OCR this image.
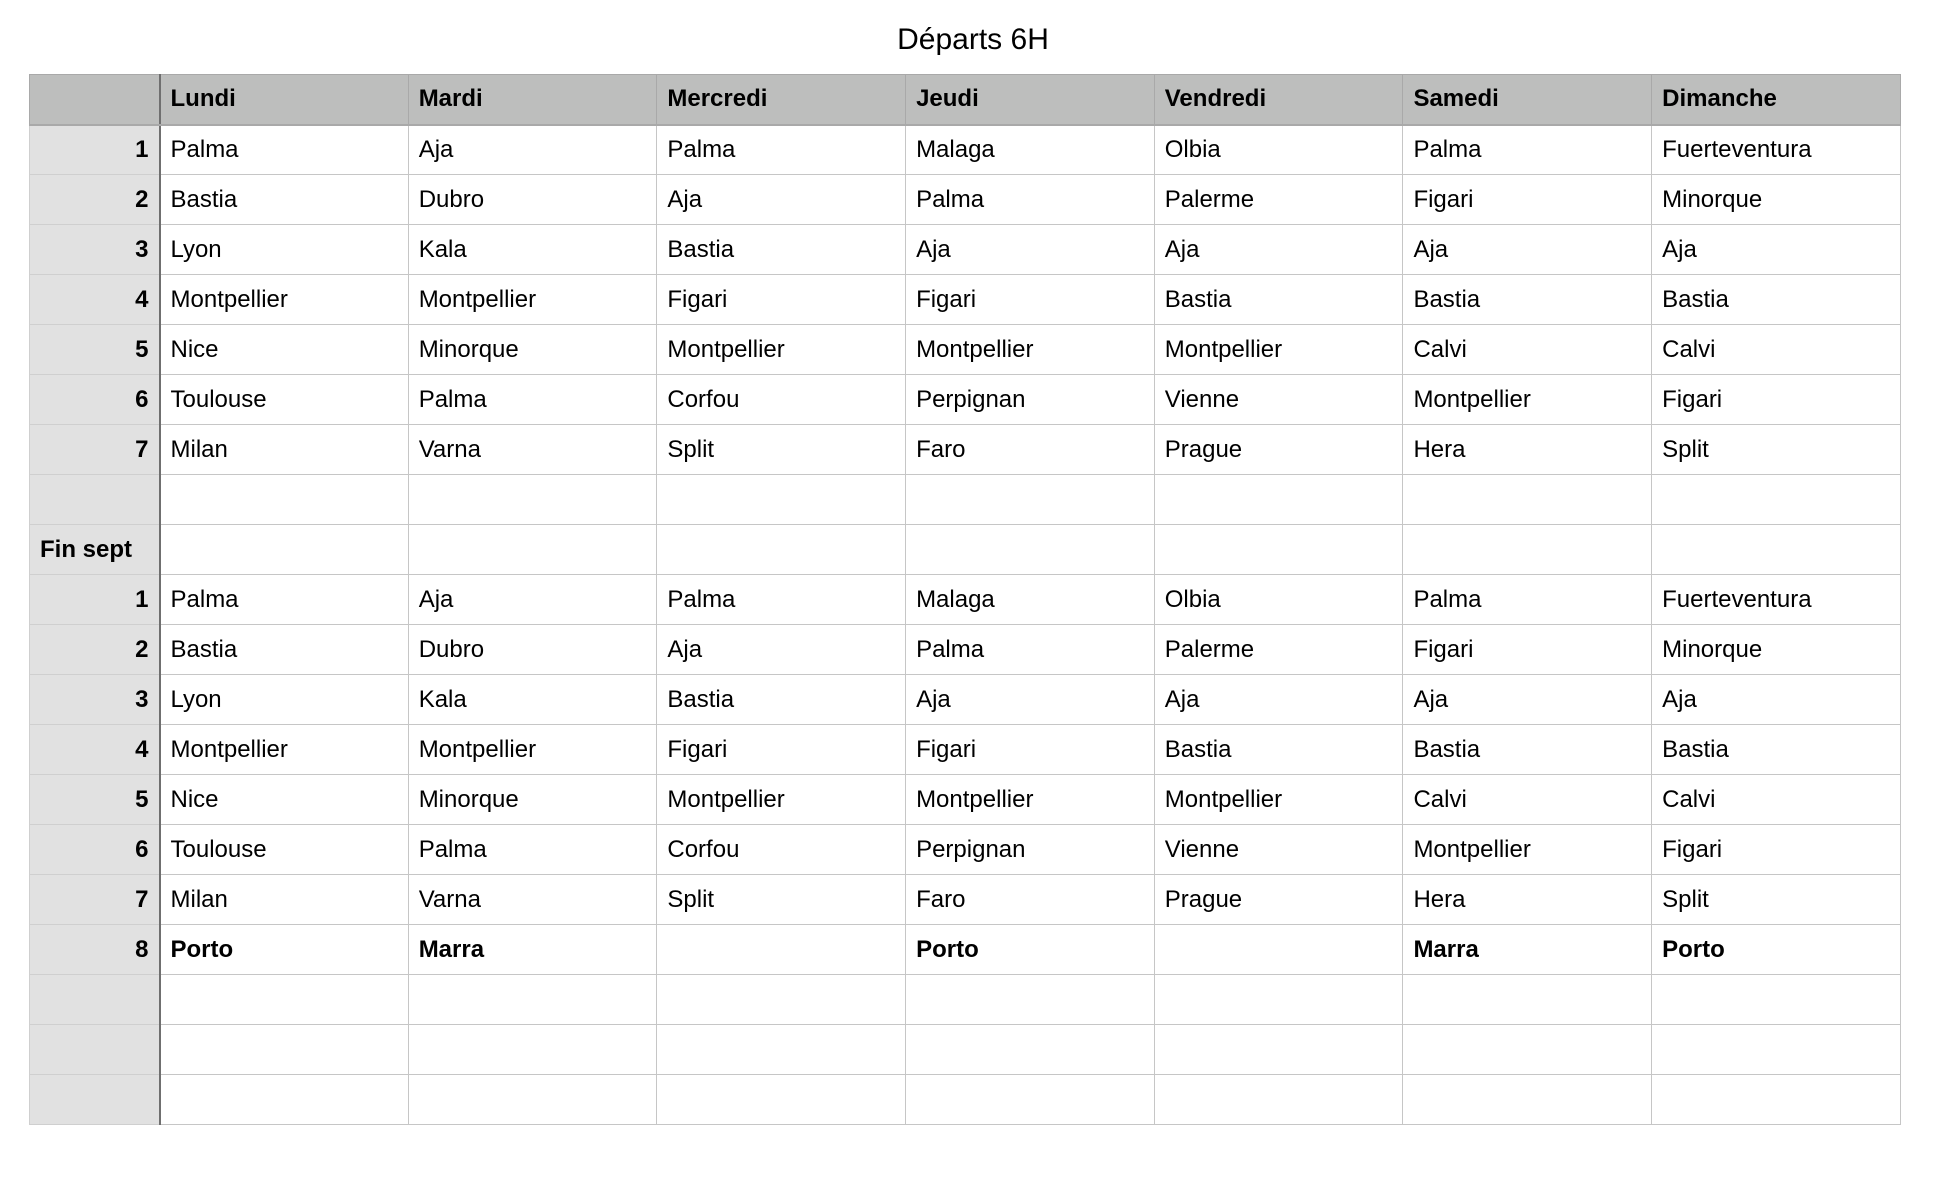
Départs 6H
	Lundi	Mardi	Mercredi	Jeudi	Vendredi	Samedi	Dimanche
1	Palma	Aja	Palma	Malaga	Olbia	Palma	Fuerteventura
2	Bastia	Dubro	Aja	Palma	Palerme	Figari	Minorque
3	Lyon	Kala	Bastia	Aja	Aja	Aja	Aja
4	Montpellier	Montpellier	Figari	Figari	Bastia	Bastia	Bastia
5	Nice	Minorque	Montpellier	Montpellier	Montpellier	Calvi	Calvi
6	Toulouse	Palma	Corfou	Perpignan	Vienne	Montpellier	Figari
7	Milan	Varna	Split	Faro	Prague	Hera	Split

Fin sept							
1	Palma	Aja	Palma	Malaga	Olbia	Palma	Fuerteventura
2	Bastia	Dubro	Aja	Palma	Palerme	Figari	Minorque
3	Lyon	Kala	Bastia	Aja	Aja	Aja	Aja
4	Montpellier	Montpellier	Figari	Figari	Bastia	Bastia	Bastia
5	Nice	Minorque	Montpellier	Montpellier	Montpellier	Calvi	Calvi
6	Toulouse	Palma	Corfou	Perpignan	Vienne	Montpellier	Figari
7	Milan	Varna	Split	Faro	Prague	Hera	Split
8	Porto	Marra		Porto		Marra	Porto
